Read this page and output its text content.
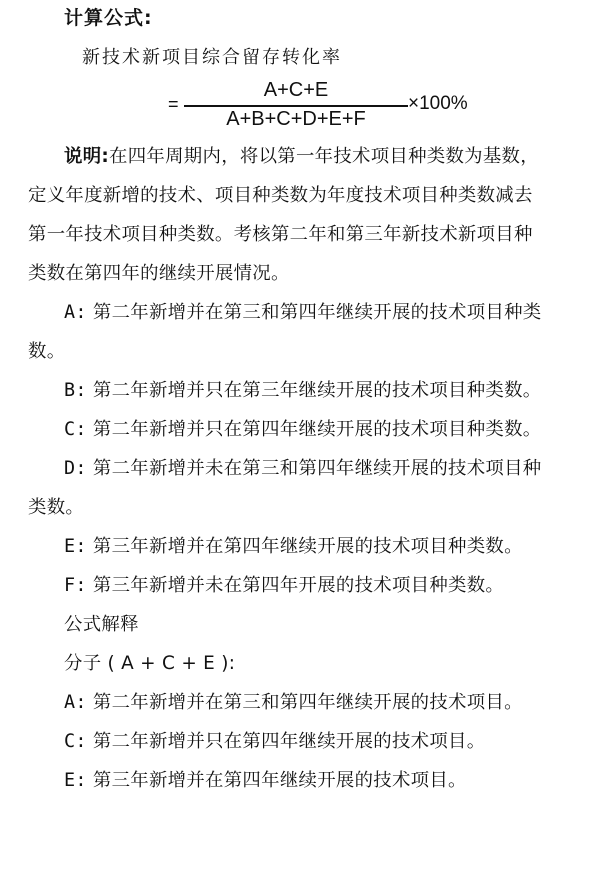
计算公式:
新技术新项目综合留存转化率
=
A+C+E
A+B+C+D+E+F
×100%

说明:在四年周期内，将以第一年技术项目种类数为基数，定义年度新增的技术、项目种类数为年度技术项目种类数减去第一年技术项目种类数。考核第二年和第三年新技术新项目种类数在第四年的继续开展情况。

A: 第二年新增并在第三和第四年继续开展的技术项目种类数。

B: 第二年新增并只在第三年继续开展的技术项目种类数。

C: 第二年新增并只在第四年继续开展的技术项目种类数。

D: 第二年新增并未在第三和第四年继续开展的技术项目种类数。

E: 第三年新增并在第四年继续开展的技术项目种类数。

F: 第三年新增并未在第四年开展的技术项目种类数。

公式解释

分子 ( A + C + E ):

A: 第二年新增并在第三和第四年继续开展的技术项目。

C: 第二年新增并只在第四年继续开展的技术项目。

E: 第三年新增并在第四年继续开展的技术项目。
